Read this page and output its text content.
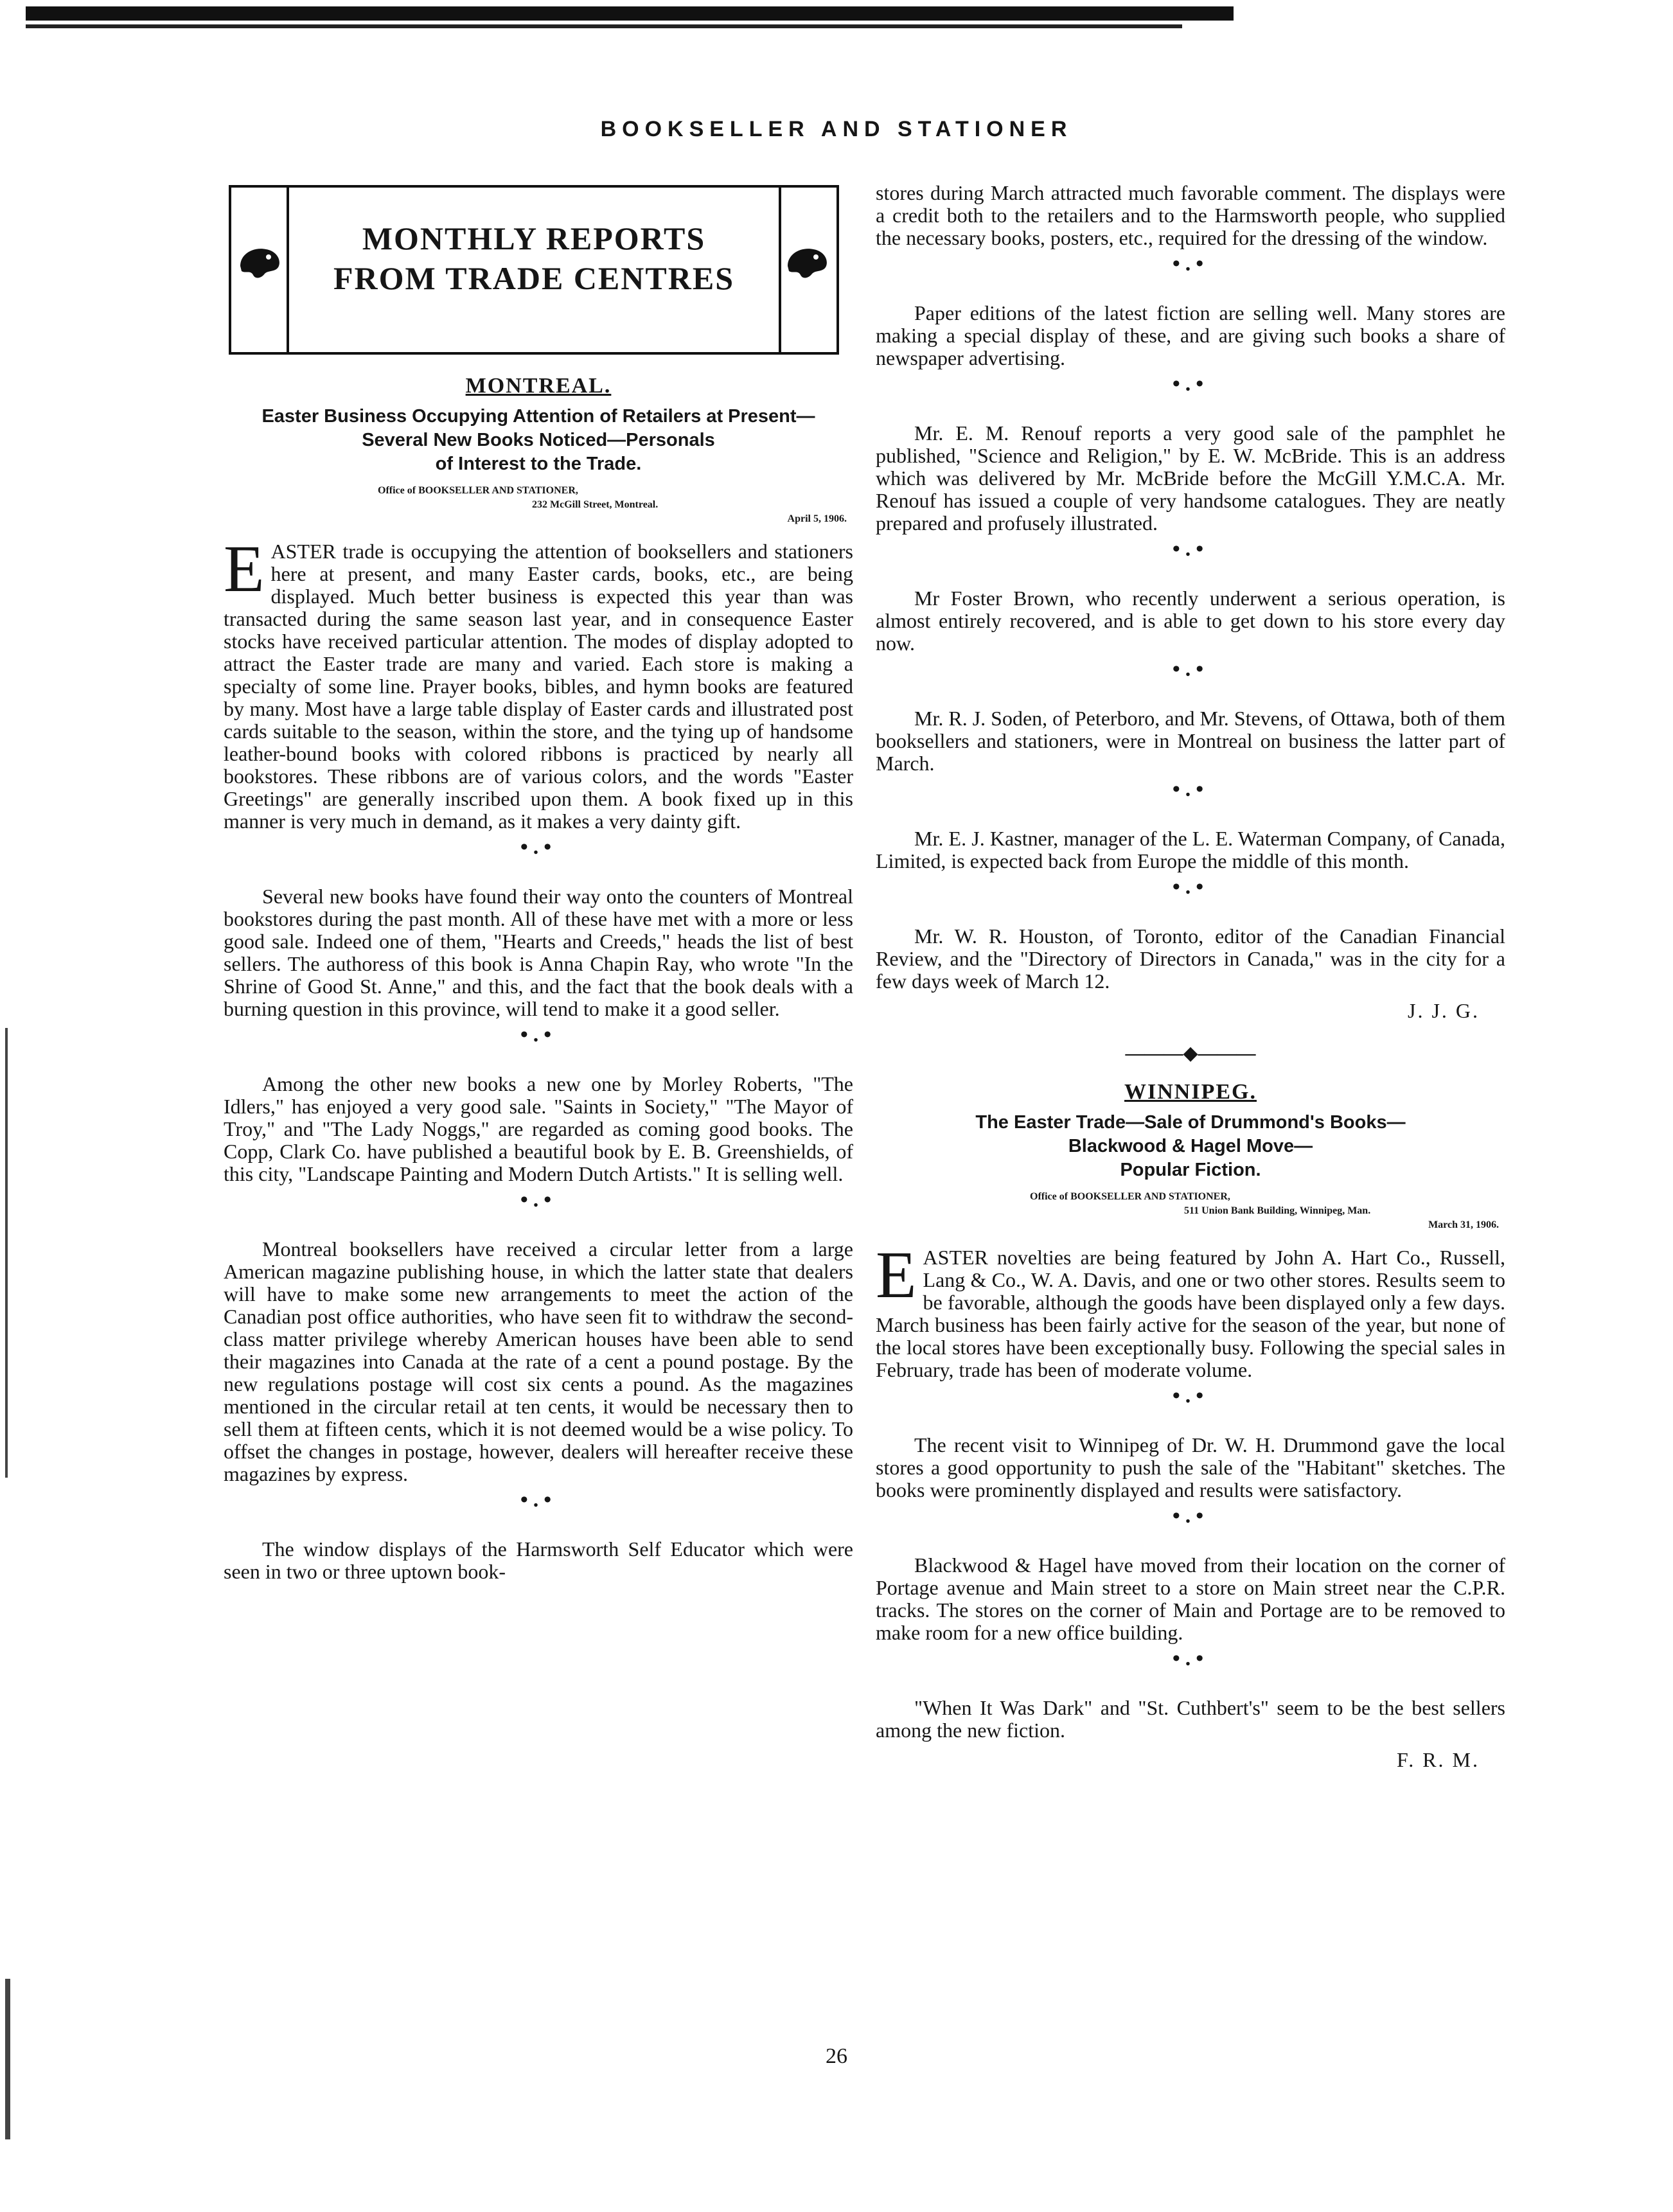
BOOKSELLER AND STATIONER
MONTHLY REPORTS
FROM TRADE CENTRES
MONTREAL.
Easter Business Occupying Attention of Retailers at Present—
Several New Books Noticed—Personals
of Interest to the Trade.
Office of BOOKSELLER AND STATIONER,
232 McGill Street, Montreal.
April 5, 1906.

EASTER trade is occupying the attention of booksellers and stationers here at present, and many Easter cards, books, etc., are being displayed. Much better business is expected this year than was transacted during the same season last year, and in consequence Easter stocks have received particular attention. The modes of display adopted to attract the Easter trade are many and varied. Each store is making a specialty of some line. Prayer books, bibles, and hymn books are featured by many. Most have a large table display of Easter cards and illustrated post cards suitable to the season, within the store, and the tying up of handsome leather-bound books with colored ribbons is practiced by nearly all bookstores. These ribbons are of various colors, and the words "Easter Greetings" are generally inscribed upon them. A book fixed up in this manner is very much in demand, as it makes a very dainty gift.

•.•

Several new books have found their way onto the counters of Montreal bookstores during the past month. All of these have met with a more or less good sale. Indeed one of them, "Hearts and Creeds," heads the list of best sellers. The authoress of this book is Anna Chapin Ray, who wrote "In the Shrine of Good St. Anne," and this, and the fact that the book deals with a burning question in this province, will tend to make it a good seller.

•.•

Among the other new books a new one by Morley Roberts, "The Idlers," has enjoyed a very good sale. "Saints in Society," "The Mayor of Troy," and "The Lady Noggs," are regarded as coming good books. The Copp, Clark Co. have published a beautiful book by E. B. Greenshields, of this city, "Landscape Painting and Modern Dutch Artists." It is selling well.

•.•

Montreal booksellers have received a circular letter from a large American magazine publishing house, in which the latter state that dealers will have to make some new arrangements to meet the action of the Canadian post office authorities, who have seen fit to withdraw the second-class matter privilege whereby American houses have been able to send their magazines into Canada at the rate of a cent a pound postage. By the new regulations postage will cost six cents a pound. As the magazines mentioned in the circular retail at ten cents, it would be necessary then to sell them at fifteen cents, which it is not deemed would be a wise policy. To offset the changes in postage, however, dealers will hereafter receive these magazines by express.

•.•

The window displays of the Harmsworth Self Educator which were seen in two or three uptown book-

stores during March attracted much favorable comment. The displays were a credit both to the retailers and to the Harmsworth people, who supplied the necessary books, posters, etc., required for the dressing of the window.

•.•

Paper editions of the latest fiction are selling well. Many stores are making a special display of these, and are giving such books a share of newspaper advertising.

•.•

Mr. E. M. Renouf reports a very good sale of the pamphlet he published, "Science and Religion," by E. W. McBride. This is an address which was delivered by Mr. McBride before the McGill Y.M.C.A. Mr. Renouf has issued a couple of very handsome catalogues. They are neatly prepared and profusely illustrated.

•.•

Mr Foster Brown, who recently underwent a serious operation, is almost entirely recovered, and is able to get down to his store every day now.

•.•

Mr. R. J. Soden, of Peterboro, and Mr. Stevens, of Ottawa, both of them booksellers and stationers, were in Montreal on business the latter part of March.

•.•

Mr. E. J. Kastner, manager of the L. E. Waterman Company, of Canada, Limited, is expected back from Europe the middle of this month.

•.•

Mr. W. R. Houston, of Toronto, editor of the Canadian Financial Review, and the "Directory of Directors in Canada," was in the city for a few days week of March 12.

J. J. G.
———◆———
WINNIPEG.
The Easter Trade—Sale of Drummond's Books—
Blackwood & Hagel Move—
Popular Fiction.
Office of BOOKSELLER AND STATIONER,
511 Union Bank Building, Winnipeg, Man.
March 31, 1906.

EASTER novelties are being featured by John A. Hart Co., Russell, Lang & Co., W. A. Davis, and one or two other stores. Results seem to be favorable, although the goods have been displayed only a few days. March business has been fairly active for the season of the year, but none of the local stores have been exceptionally busy. Following the special sales in February, trade has been of moderate volume.

•.•

The recent visit to Winnipeg of Dr. W. H. Drummond gave the local stores a good opportunity to push the sale of the "Habitant" sketches. The books were prominently displayed and results were satisfactory.

•.•

Blackwood & Hagel have moved from their location on the corner of Portage avenue and Main street to a store on Main street near the C.P.R. tracks. The stores on the corner of Main and Portage are to be removed to make room for a new office building.

•.•

"When It Was Dark" and "St. Cuthbert's" seem to be the best sellers among the new fiction.

F. R. M.
26
